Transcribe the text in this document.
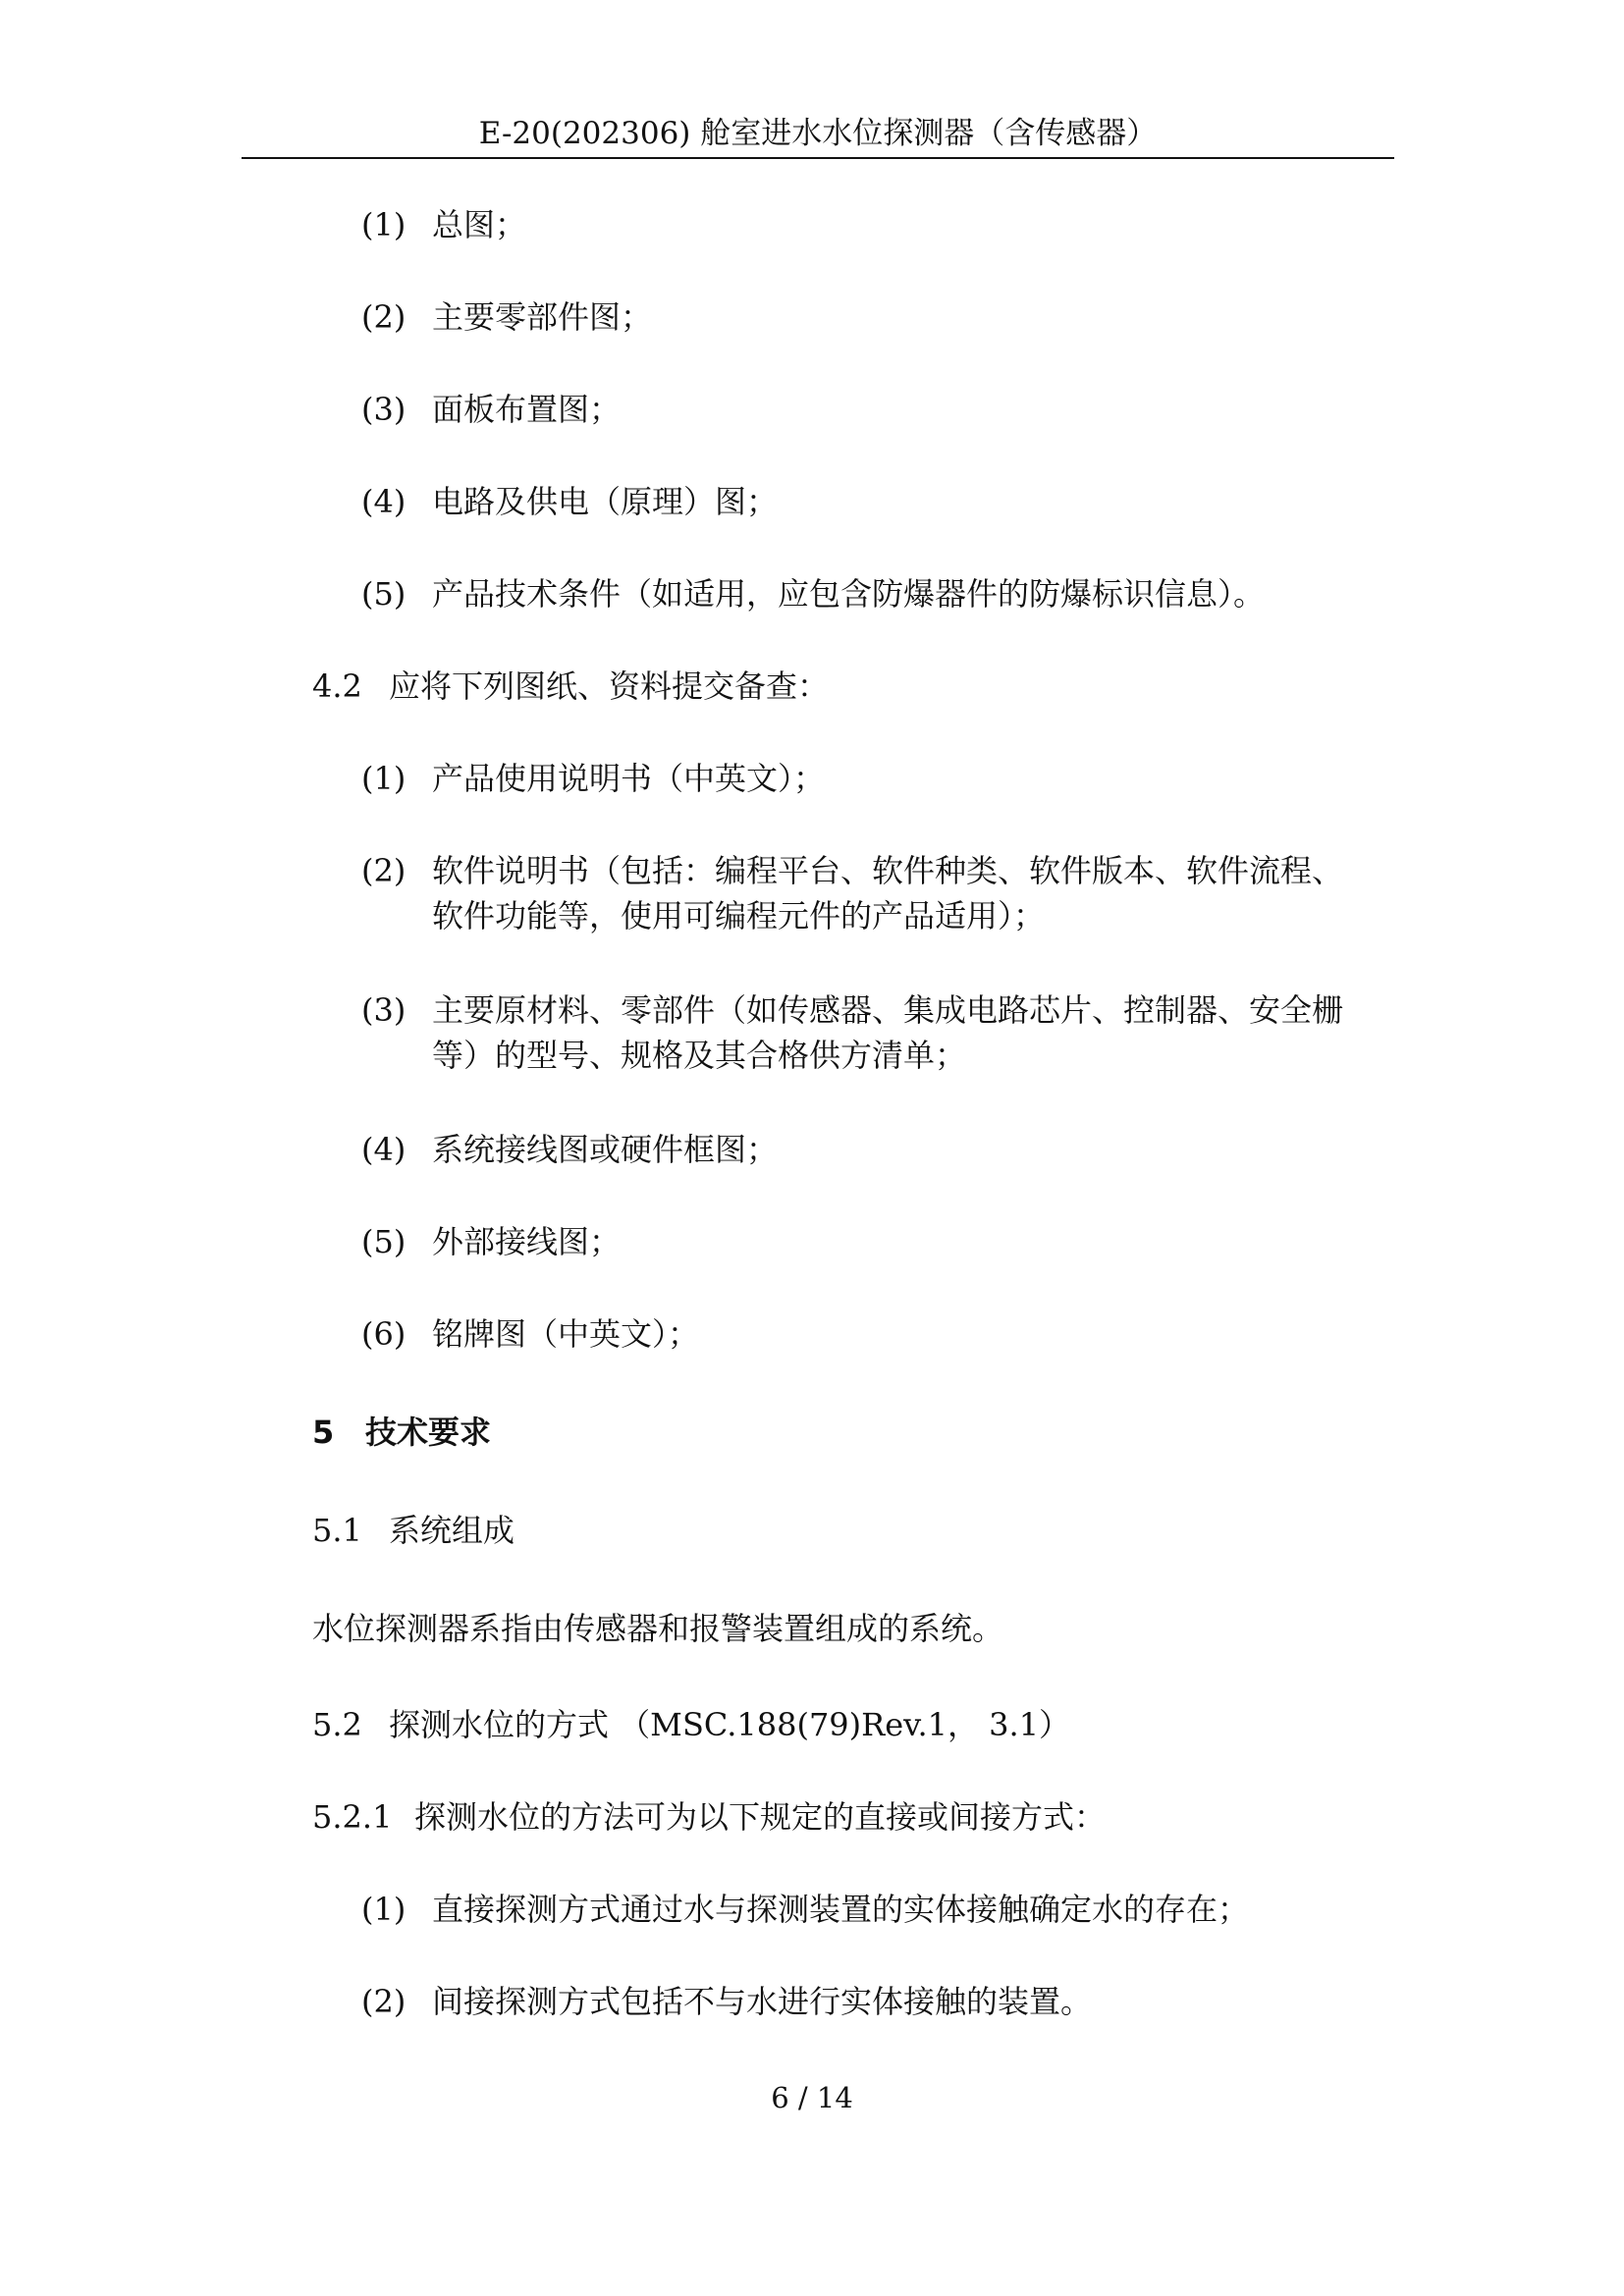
E-20(202306) 舱室进水水位探测器（含传感器）
(1) 总图；
(2) 主要零部件图；
(3) 面板布置图；
(4) 电路及供电（原理）图；
(5) 产品技术条件（如适用，应包含防爆器件的防爆标识信息）。
4.2 应将下列图纸、资料提交备查：
(1) 产品使用说明书（中英文）；
(2) 软件说明书（包括：编程平台、软件种类、软件版本、软件流程、
软件功能等，使用可编程元件的产品适用）；
(3) 主要原材料、零部件（如传感器、集成电路芯片、控制器、安全栅
等）的型号、规格及其合格供方清单；
(4) 系统接线图或硬件框图；
(5) 外部接线图；
(6) 铭牌图（中英文）；
5 技术要求
5.1 系统组成
水位探测器系指由传感器和报警装置组成的系统。
5.2 探测水位的方式 （MSC.188(79)Rev.1， 3.1）
5.2.1 探测水位的方法可为以下规定的直接或间接方式：
(1) 直接探测方式通过水与探测装置的实体接触确定水的存在；
(2) 间接探测方式包括不与水进行实体接触的装置。
6 / 14
